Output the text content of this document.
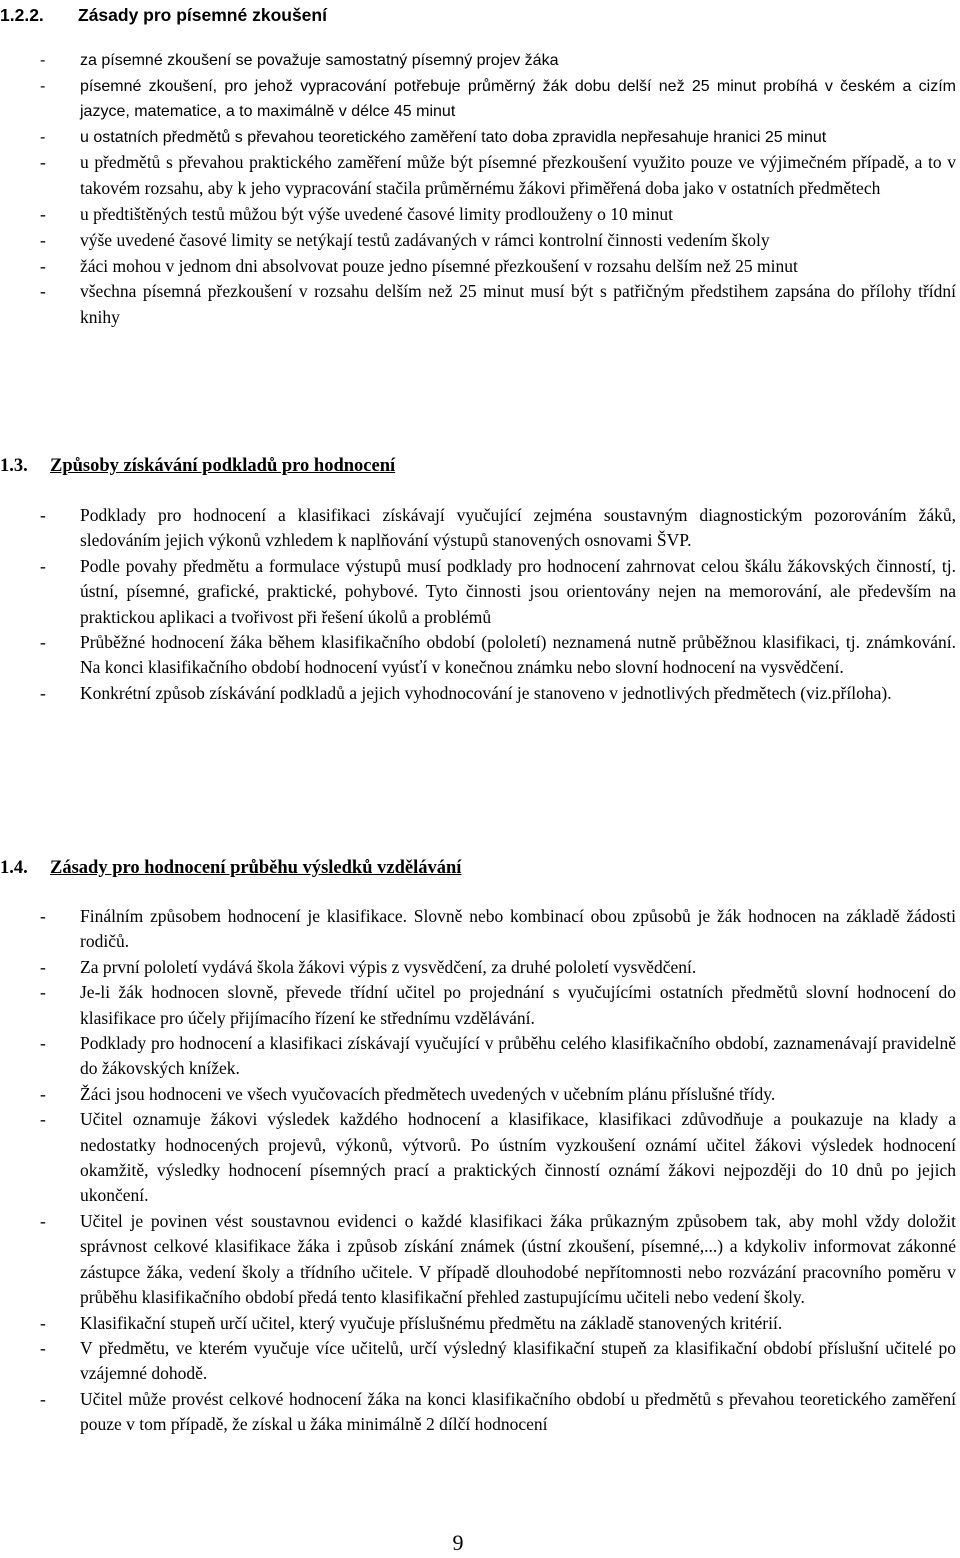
1.2.2. Zásady pro písemné zkoušení
- za písemné zkoušení se považuje samostatný písemný projev žáka
- písemné zkoušení, pro jehož vypracování potřebuje průměrný žák dobu delší než 25 minut probíhá v českém a cizím jazyce, matematice, a to maximálně v délce 45 minut
- u ostatních předmětů s převahou teoretického zaměření tato doba zpravidla nepřesahuje hranici 25 minut
- u předmětů s převahou praktického zaměření může být písemné přezkoušení využito pouze ve výjimečném případě, a to v takovém rozsahu, aby k jeho vypracování stačila průměrnému žákovi přiměřená doba jako v ostatních předmětech
- u předtištěných testů můžou být výše uvedené časové limity prodlouženy o 10 minut
- výše uvedené časové limity se netýkají testů zadávaných v rámci kontrolní činnosti vedením školy
- žáci mohou v jednom dni absolvovat pouze jedno písemné přezkoušení v rozsahu delším než 25 minut
- všechna písemná přezkoušení v rozsahu delším než 25 minut musí být s patřičným předstihem zapsána do přílohy třídní knihy
1.3. Způsoby získávání podkladů pro hodnocení
- Podklady pro hodnocení a klasifikaci získávají vyučující zejména soustavným diagnostickým pozorováním žáků, sledováním jejich výkonů vzhledem k naplňování výstupů stanovených osnovami ŠVP.
- Podle povahy předmětu a formulace výstupů musí podklady pro hodnocení zahrnovat celou škálu žákovských činností, tj. ústní, písemné, grafické, praktické, pohybové. Tyto činnosti jsou orientovány nejen na memorování, ale především na praktickou aplikaci a tvořivost při řešení úkolů a problémů
- Průběžné hodnocení žáka během klasifikačního období (pololetí) neznamená nutně průběžnou klasifikaci, tj. známkování. Na konci klasifikačního období hodnocení vyúsťí v konečnou známku nebo slovní hodnocení na vysvědčení.
- Konkrétní způsob získávání podkladů a jejich vyhodnocování je stanoveno v jednotlivých předmětech (viz.příloha).
1.4. Zásady pro hodnocení průběhu výsledků vzdělávání
- Finálním způsobem hodnocení je klasifikace. Slovně nebo kombinací obou způsobů je žák hodnocen na základě žádosti rodičů.
- Za první pololetí vydává škola žákovi výpis z vysvědčení, za druhé pololetí vysvědčení.
- Je-li žák hodnocen slovně, převede třídní učitel po projednání s vyučujícími ostatních předmětů slovní hodnocení do klasifikace pro účely přijímacího řízení ke střednímu vzdělávání.
- Podklady pro hodnocení a klasifikaci získávají vyučující v průběhu celého klasifikačního období, zaznamenávají pravidelně do žákovských knížek.
- Žáci jsou hodnoceni ve všech vyučovacích předmětech uvedených v učebním plánu příslušné třídy.
- Učitel oznamuje žákovi výsledek každého hodnocení a klasifikace, klasifikaci zdůvodňuje a poukazuje na klady a nedostatky hodnocených projevů, výkonů, výtvorů. Po ústním vyzkoušení oznámí učitel žákovi výsledek hodnocení okamžitě, výsledky hodnocení písemných prací a praktických činností oznámí žákovi nejpozději do 10 dnů po jejich ukončení.
- Učitel je povinen vést soustavnou evidenci o každé klasifikaci žáka průkazným způsobem tak, aby mohl vždy doložit správnost celkové klasifikace žáka i způsob získání známek (ústní zkoušení, písemné,...) a kdykoliv informovat zákonné zástupce žáka, vedení školy a třídního učitele. V případě dlouhodobé nepřítomnosti nebo rozvázání pracovního poměru v průběhu klasifikačního období předá tento klasifikační přehled zastupujícímu učiteli nebo vedení školy.
- Klasifikační stupeň určí učitel, který vyučuje příslušnému předmětu na základě stanovených kritérií.
- V předmětu, ve kterém vyučuje více učitelů, určí výsledný klasifikační stupeň za klasifikační období příslušní učitelé po vzájemné dohodě.
- Učitel může provést celkové hodnocení žáka na konci klasifikačního období u předmětů s převahou teoretického zaměření pouze v tom případě, že získal u žáka minimálně 2 dílčí hodnocení
9
